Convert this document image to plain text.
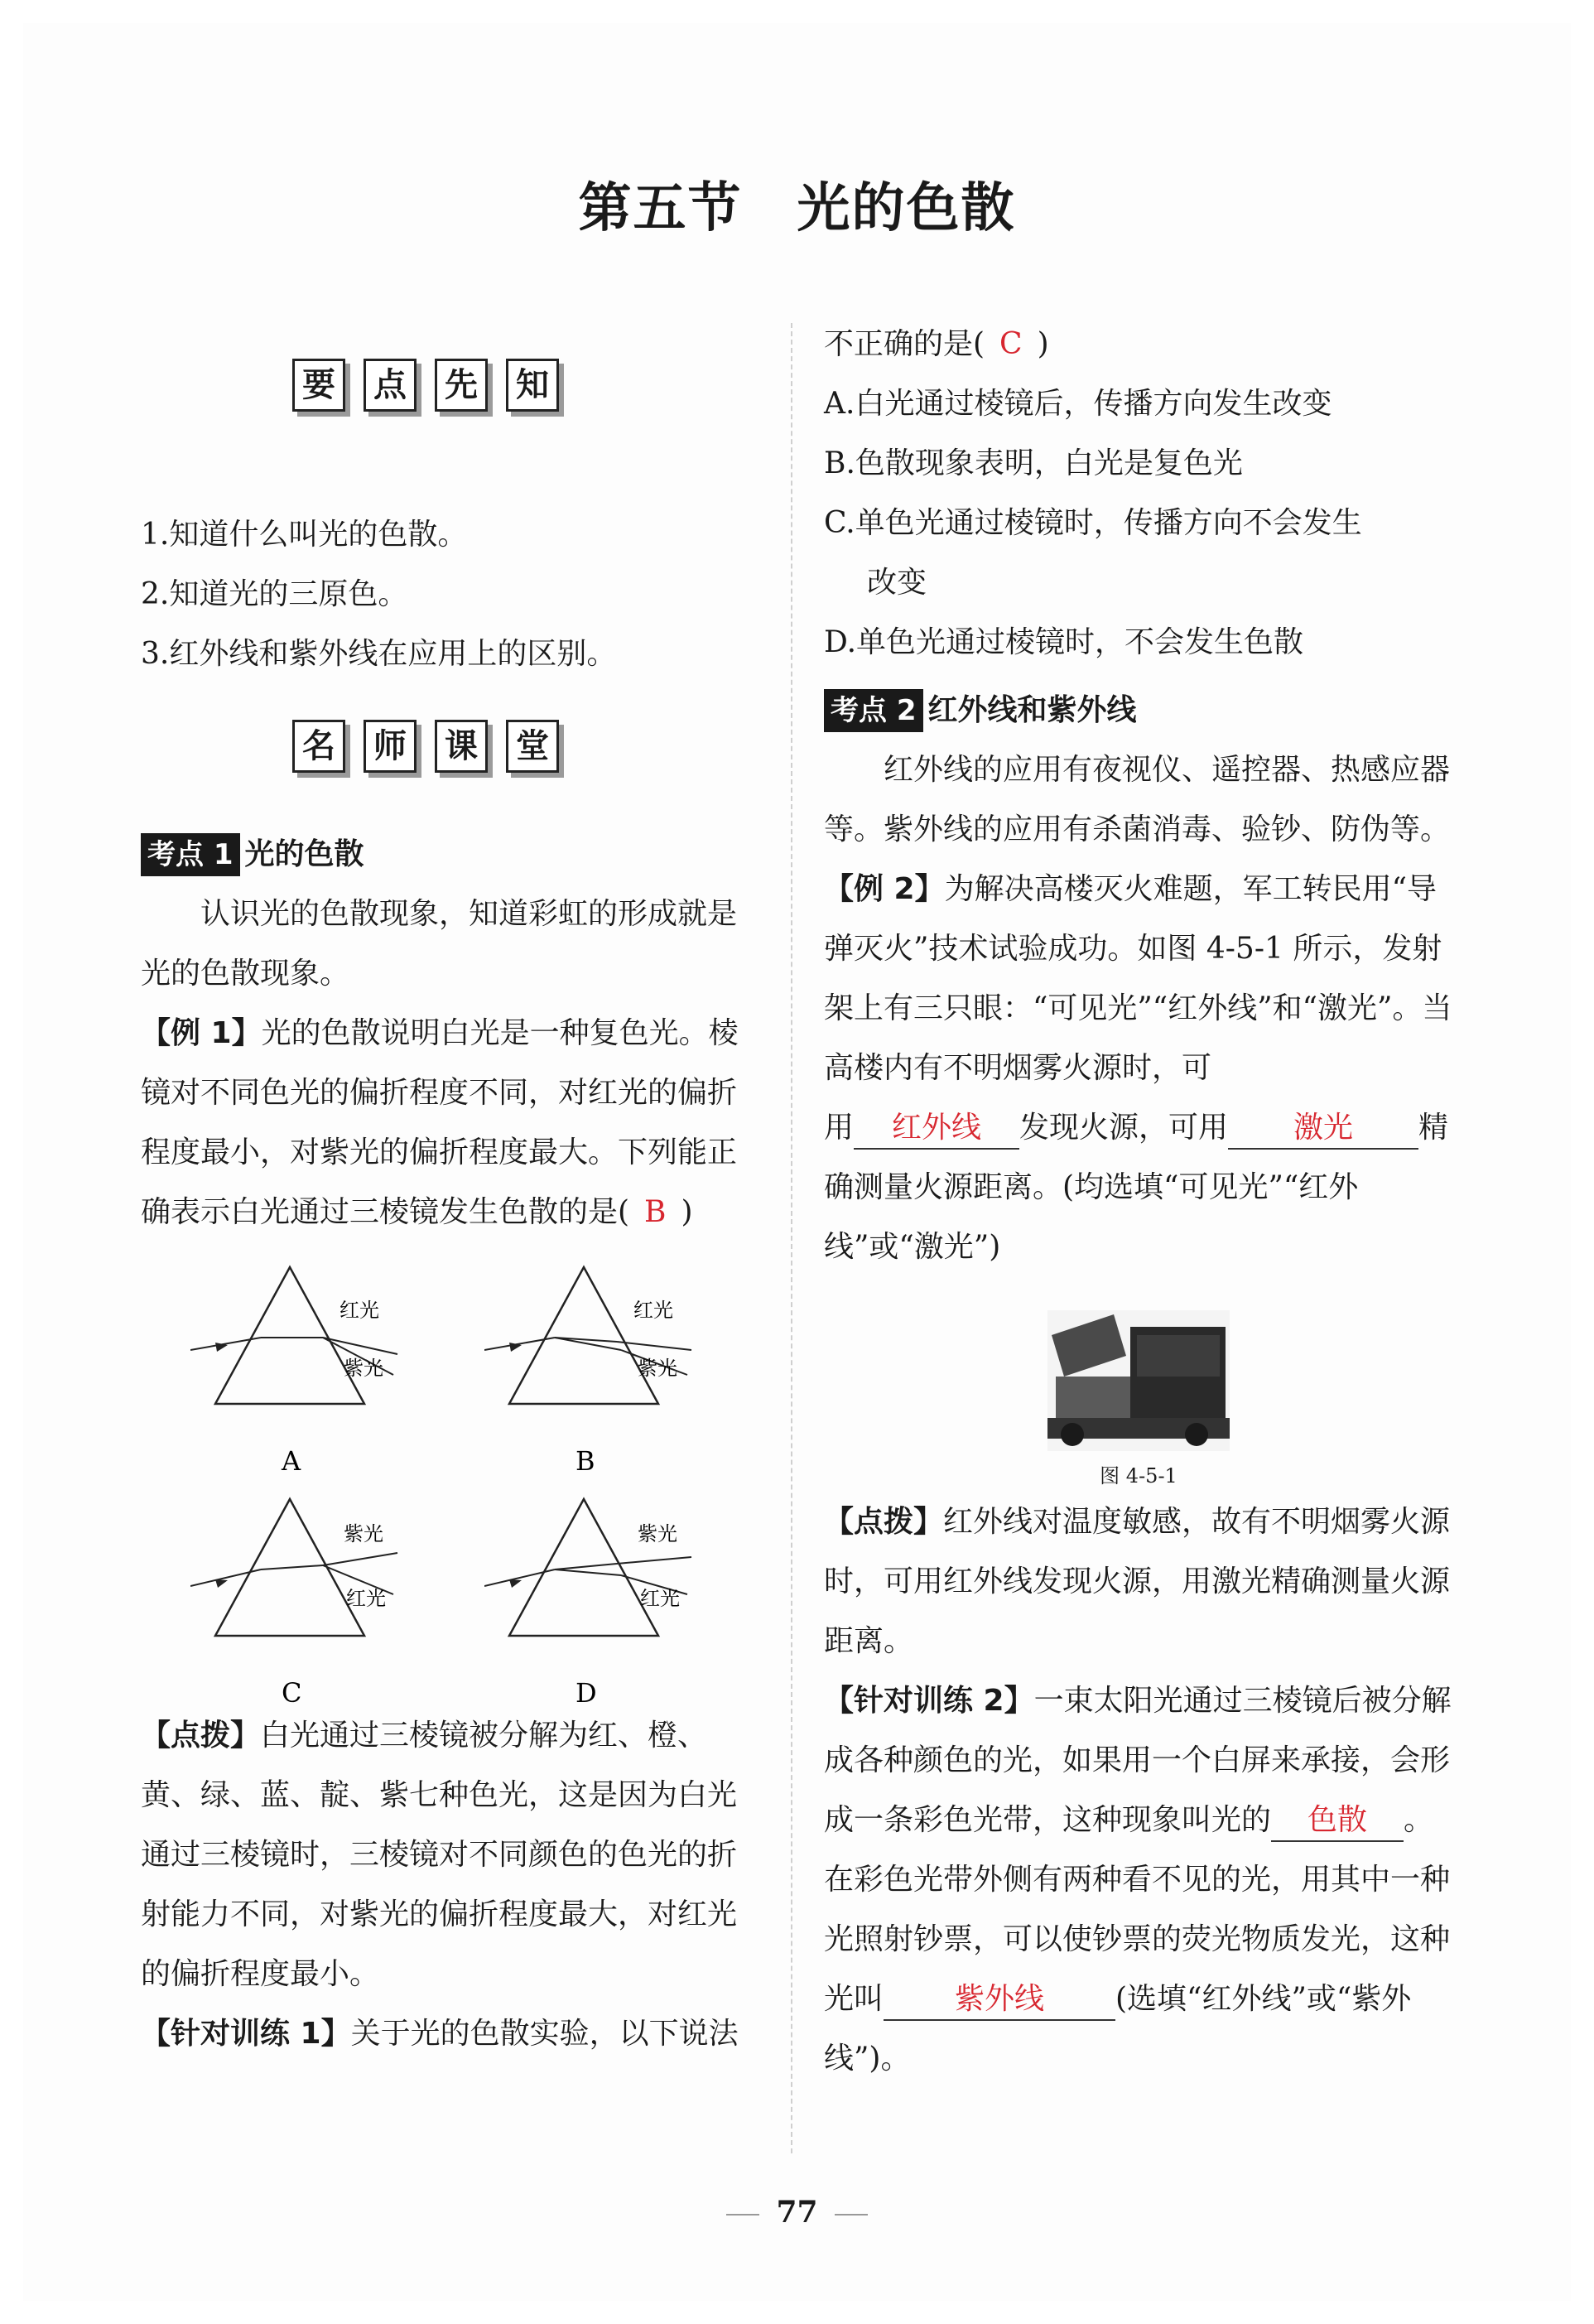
第五节　光的色散
要	点	先	知

1.知道什么叫光的色散。

2.知道光的三原色。

3.红外线和紫外线在应用上的区别。

名	师	课	堂
考点 1 光的色散

认识光的色散现象，知道彩虹的形成就是光的色散现象。

【例 1】光的色散说明白光是一种复色光。棱镜对不同色光的偏折程度不同，对红光的偏折程度最小，对紫光的偏折程度最大。下列能正确表示白光通过三棱镜发生色散的是( B )

红光
紫光
A
红光
紫光
B
紫光
红光
C
紫光
红光
D

【点拨】白光通过三棱镜被分解为红、橙、黄、绿、蓝、靛、紫七种色光，这是因为白光通过三棱镜时，三棱镜对不同颜色的色光的折射能力不同，对紫光的偏折程度最大，对红光的偏折程度最小。

【针对训练 1】关于光的色散实验，以下说法

不正确的是( C )

A.白光通过棱镜后，传播方向发生改变

B.色散现象表明，白光是复色光

C.单色光通过棱镜时，传播方向不会发生

改变

D.单色光通过棱镜时，不会发生色散

考点 2 红外线和紫外线

红外线的应用有夜视仪、遥控器、热感应器等。紫外线的应用有杀菌消毒、验钞、防伪等。

【例 2】为解决高楼灭火难题，军工转民用“导弹灭火”技术试验成功。如图 4-5-1 所示，发射架上有三只眼：“可见光”“红外线”和“激光”。当高楼内有不明烟雾火源时，可

用 红外线 发现火源，可用 激光 精确测量火源距离。(均选填“可见光”“红外线”或“激光”)

图 4-5-1

【点拨】红外线对温度敏感，故有不明烟雾火源时，可用红外线发现火源，用激光精确测量火源距离。

【针对训练 2】一束太阳光通过三棱镜后被分解成各种颜色的光，如果用一个白屏来承接，会形成一条彩色光带，这种现象叫光的 色散 。在彩色光带外侧有两种看不见的光，用其中一种光照射钞票，可以使钞票的荧光物质发光，这种光叫 紫外线 (选填“红外线”或“紫外线”)。

77
